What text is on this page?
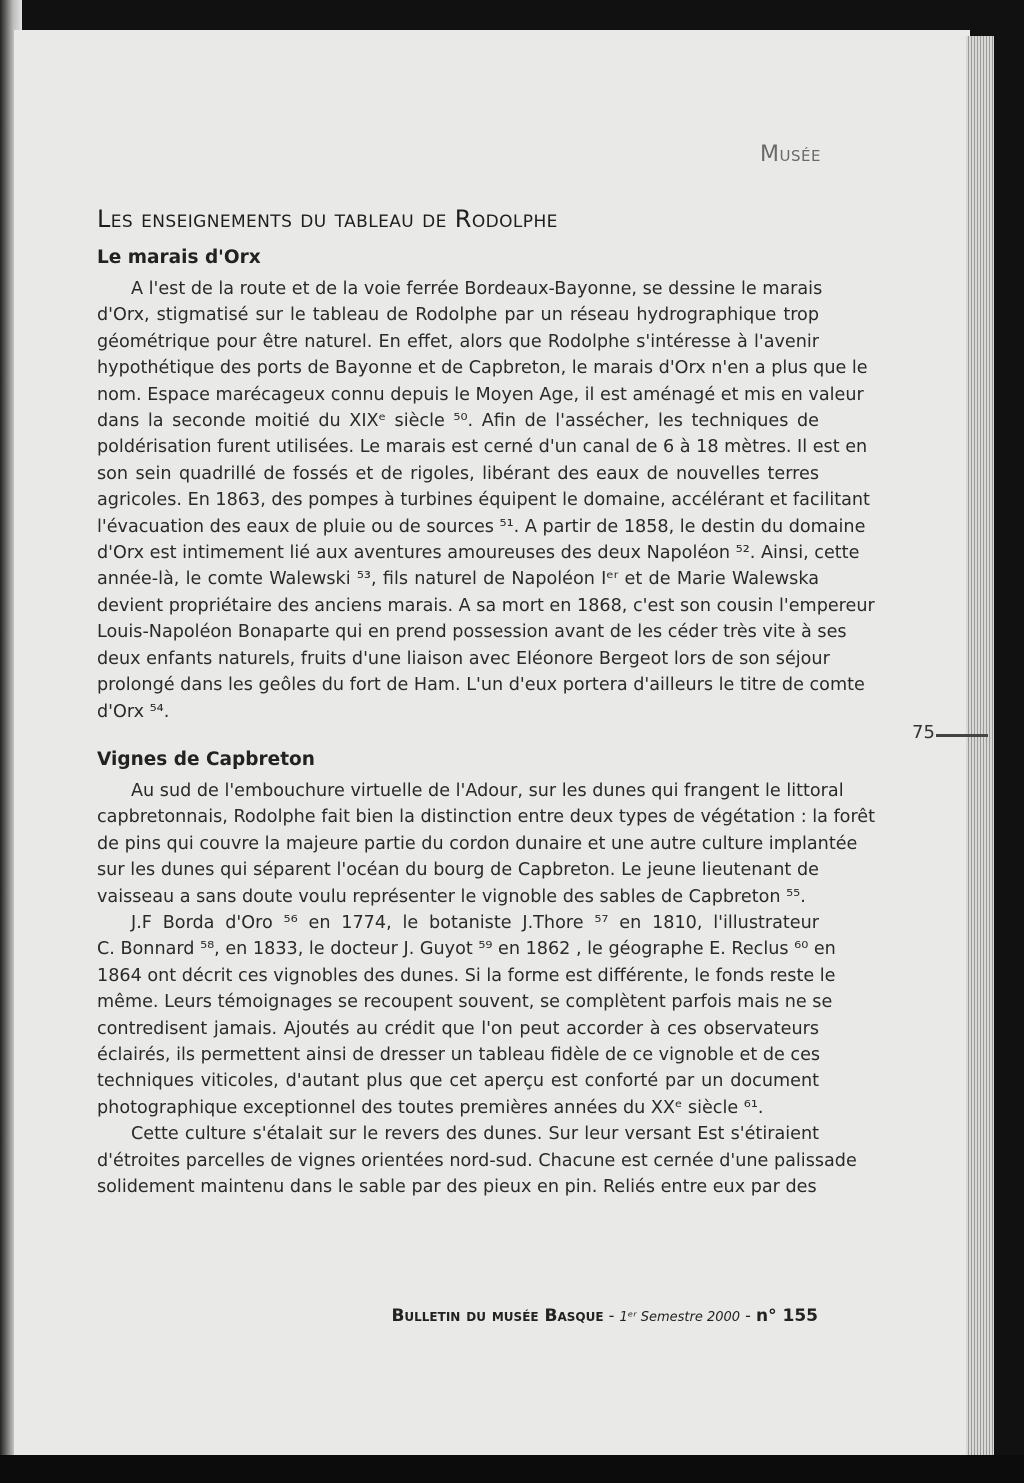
Musée
Les enseignements du tableau de Rodolphe
Le marais d'Orx
A l'est de la route et de la voie ferrée Bordeaux-Bayonne, se dessine le marais
d'Orx, stigmatisé sur le tableau de Rodolphe par un réseau hydrographique trop
géométrique pour être naturel. En effet, alors que Rodolphe s'intéresse à l'avenir
hypothétique des ports de Bayonne et de Capbreton, le marais d'Orx n'en a plus que le
nom. Espace marécageux connu depuis le Moyen Age, il est aménagé et mis en valeur
dans la seconde moitié du XIXᵉ siècle ⁵⁰. Afin de l'assécher, les techniques de
poldérisation furent utilisées. Le marais est cerné d'un canal de 6 à 18 mètres. Il est en
son sein quadrillé de fossés et de rigoles, libérant des eaux de nouvelles terres
agricoles. En 1863, des pompes à turbines équipent le domaine, accélérant et facilitant
l'évacuation des eaux de pluie ou de sources ⁵¹. A partir de 1858, le destin du domaine
d'Orx est intimement lié aux aventures amoureuses des deux Napoléon ⁵². Ainsi, cette
année-là, le comte Walewski ⁵³, fils naturel de Napoléon Iᵉʳ et de Marie Walewska
devient propriétaire des anciens marais. A sa mort en 1868, c'est son cousin l'empereur
Louis-Napoléon Bonaparte qui en prend possession avant de les céder très vite à ses
deux enfants naturels, fruits d'une liaison avec Eléonore Bergeot lors de son séjour
prolongé dans les geôles du fort de Ham. L'un d'eux portera d'ailleurs le titre de comte
d'Orx ⁵⁴.
Vignes de Capbreton
Au sud de l'embouchure virtuelle de l'Adour, sur les dunes qui frangent le littoral
capbretonnais, Rodolphe fait bien la distinction entre deux types de végétation : la forêt
de pins qui couvre la majeure partie du cordon dunaire et une autre culture implantée
sur les dunes qui séparent l'océan du bourg de Capbreton. Le jeune lieutenant de
vaisseau a sans doute voulu représenter le vignoble des sables de Capbreton ⁵⁵.
J.F Borda d'Oro ⁵⁶ en 1774, le botaniste J.Thore ⁵⁷ en 1810, l'illustrateur
C. Bonnard ⁵⁸, en 1833, le docteur J. Guyot ⁵⁹ en 1862 , le géographe E. Reclus ⁶⁰ en
1864 ont décrit ces vignobles des dunes. Si la forme est différente, le fonds reste le
même. Leurs témoignages se recoupent souvent, se complètent parfois mais ne se
contredisent jamais. Ajoutés au crédit que l'on peut accorder à ces observateurs
éclairés, ils permettent ainsi de dresser un tableau fidèle de ce vignoble et de ces
techniques viticoles, d'autant plus que cet aperçu est conforté par un document
photographique exceptionnel des toutes premières années du XXᵉ siècle ⁶¹.
Cette culture s'étalait sur le revers des dunes. Sur leur versant Est s'étiraient
d'étroites parcelles de vignes orientées nord-sud. Chacune est cernée d'une palissade
solidement maintenu dans le sable par des pieux en pin. Reliés entre eux par des
75
Bulletin du musée Basque - 1ᵉʳ Semestre 2000 - n° 155
